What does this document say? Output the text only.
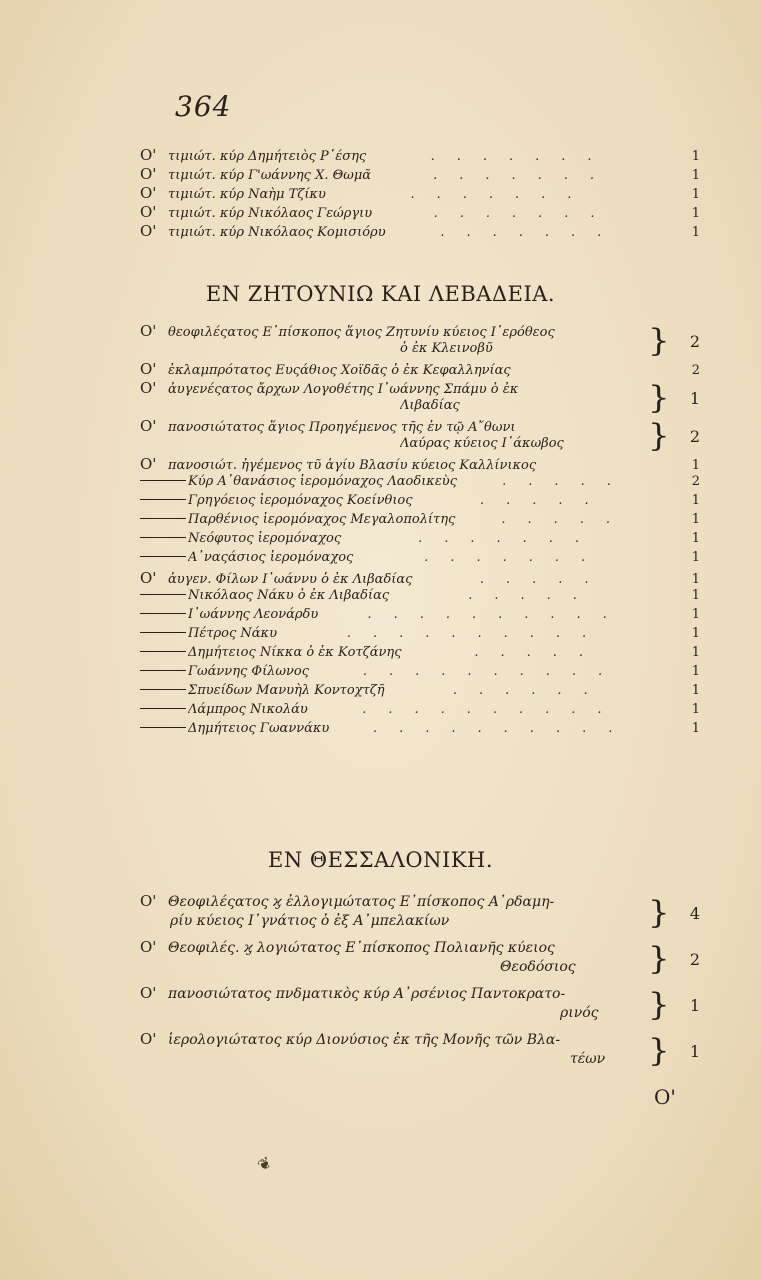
364
Ο' τιμιώτ. κύρ Δημήτειὸς Ρ᾿έσης	.......	1
Ο' τιμιώτ. κύρ Γ'ωάννης Χ. Θωμᾶ	.......	1
Ο' τιμιώτ. κύρ Ναὴμ Τζίκυ	.......	1
Ο' τιμιώτ. κύρ Νικόλαος Γεώργιυ	.......	1
Ο' τιμιώτ. κύρ Νικόλαος Κομισιόρυ	.......	1
ΕΝ ΖΗΤΟΥΝΙΩ ΚΑΙ ΛΕΒΑΔΕΙΑ.
Ο' θεοφιλέςατος Ε᾿πίσκοπος ἅγιος Ζητυνίυ κύειος Ι᾿ερόθεος
ὁ ἐκ Κλεινοβῦ	}	2
Ο' ἐκλαμπρότατος Ευςάθιος Χοϊδᾶς ὁ ἐκ Κεφαλληνίας	2
Ο' ἀυγενέςατος ἄρχων Λογοθέτης Ι᾿ωάννης Σπάμυ ὁ ἐκ
Λιβαδίας	}	1
Ο' πανοσιώτατος ἅγιος Προηγέμενος τῆς ἐν τῷ Α῎θωνι
Λαύρας κύειος Ι᾿άκωβος	}	2
Ο' πανοσιώτ. ἡγέμενος τῦ ἁγίυ Βλασίυ κύειος Καλλίνικος	1
Κύρ Α᾿θανάσιος ἱερομόναχος Λαοδικεὺς	.....	2
Γρηγόειος ἱερομόναχος Κοείνθιος	.....	1
Παρθένιος ἱερομόναχος Μεγαλοπολίτης	.....	1
Νεόφυτος ἱερομόναχος	.......	1
Α᾿ναςάσιος ἱερομόναχος	.......	1
Ο' ἀυγεν. Φίλων Ι᾿ωάννυ ὁ ἐκ Λιβαδίας	.....	1
Νικόλαος Νάκυ ὁ ἐκ Λιβαδίας	.....	1
Ι᾿ωάννης Λεονάρδυ	..........	1
Πέτρος Νάκυ	..........	1
Δημήτειος Νίκκα ὁ ἐκ Κοτζάνης	.....	1
Γωάννης Φίλωνος	..........	1
Σπυείδων Μανυὴλ Κοντοχτζῆ	......	1
Λάμπρος Νικολάυ	..........	1
Δημήτειος Γωαννάκυ	..........	1
ΕΝ ΘΕΣΣΑΛΟΝΙΚΗ.
Ο' Θεοφιλέςατος ϗ ἐλλογιμώτατος Ε᾿πίσκοπος Α᾿ρδαμη-
ρίυ κύειος Ι᾿γνάτιος ὁ ἐξ Α᾿μπελακίων	}	4
Ο' Θεοφιλές. ϗ λογιώτατος Ε᾿πίσκοπος Πολιανῆς κύειος
Θεοδόσιος	}	2
Ο' πανοσιώτατος πνδματικὸς κύρ Α᾿ρσένιος Παντοκρατο-
ρινός	}	1
Ο' ἱερολογιώτατος κύρ Διονύσιος ἐκ τῆς Μονῆς τῶν Βλα-
τέων	}	1
Ο'
❦
